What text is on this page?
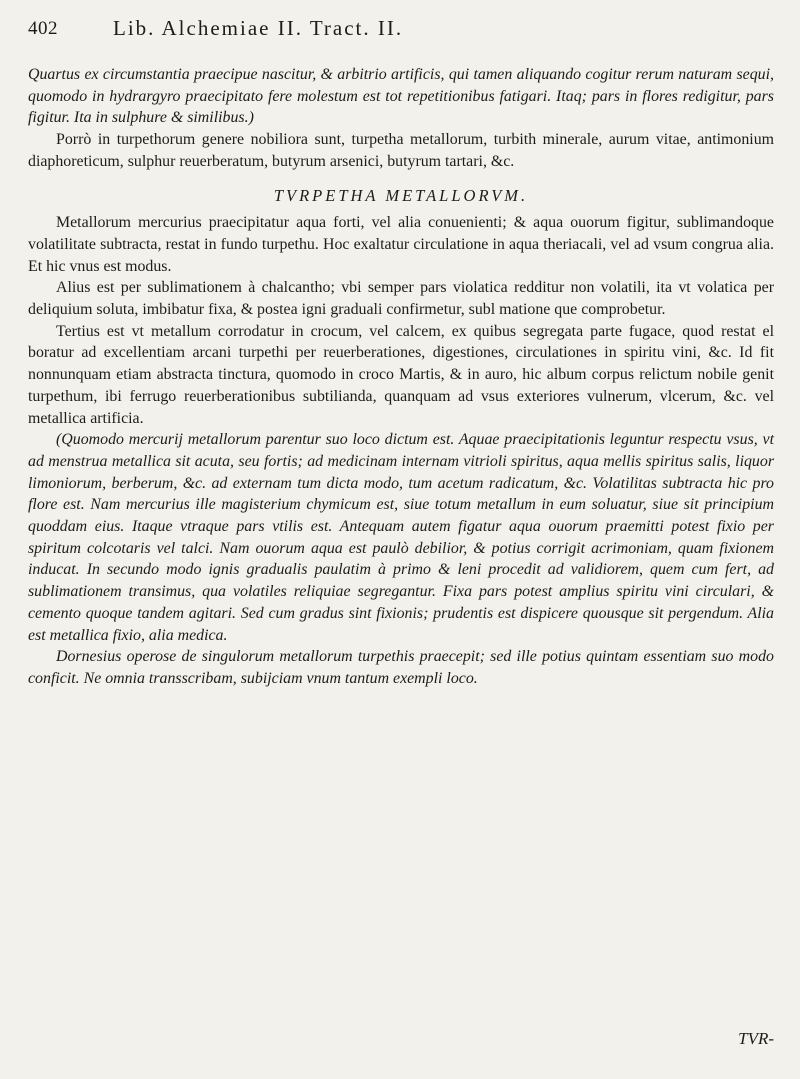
402	Lib. Alchemiae II. Tract. II.

Quartus ex circumstantia praecipue nascitur, & arbitrio artificis, qui tamen aliquando cogitur rerum naturam sequi, quomodo in hydrargyro praecipitato fere molestum est tot repetitionibus fatigari. Itaq; pars in flores redigitur, pars figitur. Ita in sulphure & similibus.)

Porrò in turpethorum genere nobiliora sunt, turpetha metallorum, turbith minerale, aurum vitae, antimonium diaphoreticum, sulphur reuerberatum, butyrum arsenici, butyrum tartari, &c.

TVRPETHA METALLORVM.

Metallorum mercurius praecipitatur aqua forti, vel alia conuenienti; & aqua ouorum figitur, sublimandoque volatilitate subtracta, restat in fundo turpethu. Hoc exaltatur circulatione in aqua theriacali, vel ad vsum congrua alia. Et hic vnus est modus.

Alius est per sublimationem à chalcantho; vbi semper pars violatica redditur non volatili, ita vt volatica per deliquium soluta, imbibatur fixa, & postea igni graduali confirmetur, subl matione que comprobetur.

Tertius est vt metallum corrodatur in crocum, vel calcem, ex quibus segregata parte fugace, quod restat el boratur ad excellentiam arcani turpethi per reuerberationes, digestiones, circulationes in spiritu vini, &c. Id fit nonnunquam etiam abstracta tinctura, quomodo in croco Martis, & in auro, hic album corpus relictum nobile genit turpethum, ibi ferrugo reuerberationibus subtilianda, quanquam ad vsus exteriores vulnerum, vlcerum, &c. vel metallica artificia.

(Quomodo mercurij metallorum parentur suo loco dictum est. Aquae praecipitationis leguntur respectu vsus, vt ad menstrua metallica sit acuta, seu fortis; ad medicinam internam vitrioli spiritus, aqua mellis spiritus salis, liquor limoniorum, berberum, &c. ad externam tum dicta modo, tum acetum radicatum, &c. Volatilitas subtracta hic pro flore est. Nam mercurius ille magisterium chymicum est, siue totum metallum in eum soluatur, siue sit principium quoddam eius. Itaque vtraque pars vtilis est. Antequam autem figatur aqua ouorum praemitti potest fixio per spiritum colcotaris vel talci. Nam ouorum aqua est paulò debilior, & potius corrigit acrimoniam, quam fixionem inducat. In secundo modo ignis gradualis paulatim à primo & leni procedit ad validiorem, quem cum fert, ad sublimationem transimus, qua volatiles reliquiae segregantur. Fixa pars potest amplius spiritu vini circulari, & cemento quoque tandem agitari. Sed cum gradus sint fixionis; prudentis est dispicere quousque sit pergendum. Alia est metallica fixio, alia medica.

Dornesius operose de singulorum metallorum turpethis praecepit; sed ille potius quintam essentiam suo modo conficit. Ne omnia transscribam, subijciam vnum tantum exempli loco.

TVR-
